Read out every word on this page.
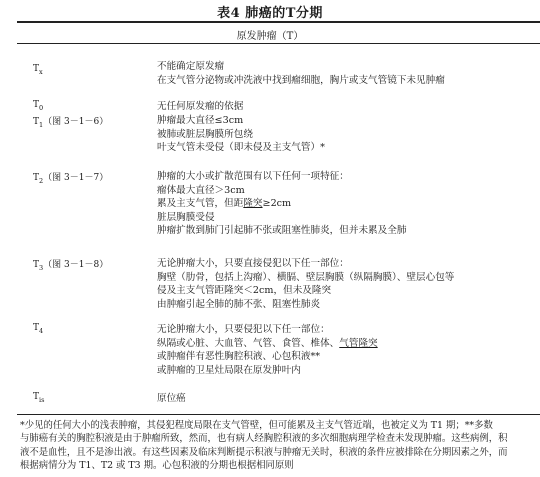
表4 肺癌的T分期
原发肿瘤（T）
$T_x$	不能确定原发瘤
在支气管分泌物或冲洗液中找到瘤细胞，胸片或支气管镜下未见肿瘤
$T_0$	无任何原发瘤的依据
$T_1$（图 3－1－6）	肿瘤最大直径≤3cm
被肺或脏层胸膜所包绕
叶支气管未受侵（即未侵及主支气管）*
$T_2$（图 3－1－7）	肿瘤的大小或扩散范围有以下任何一项特征：
瘤体最大直径＞3cm
累及主支气管，但距隆突≥2cm
脏层胸膜受侵
肿瘤扩散到肺门引起肺不张或阻塞性肺炎，但并未累及全肺
$T_3$（图 3－1－8）	无论肿瘤大小，只要直接侵犯以下任一部位：
胸壁（肋骨，包括上沟瘤）、横膈、壁层胸膜（纵隔胸膜）、壁层心包等
侵及主支气管距隆突＜2cm，但未及隆突
由肿瘤引起全肺的肺不张、阻塞性肺炎
$T_4$	无论肿瘤大小，只要侵犯以下任一部位：
纵隔或心脏、大血管、气管、食管、椎体、气管隆突
或肿瘤伴有恶性胸腔积液、心包积液**
或肿瘤的卫星灶局限在原发肿叶内
$T_{is}$	原位癌
*少见的任何大小的浅表肿瘤，其侵犯程度局限在支气管壁，但可能累及主支气管近端，也被定义为 T1 期；**多数
与肺癌有关的胸腔积液是由于肿瘤所致，然而，也有病人经胸腔积液的多次细胞病理学检查未发现肿瘤。这些病例，积
液不是血性，且不是渗出液。有这些因素及临床判断提示积液与肿瘤无关时，积液的条件应被排除在分期因素之外，而
根据病情分为 T1、T2 或 T3 期。心包积液的分期也根据相同原则
